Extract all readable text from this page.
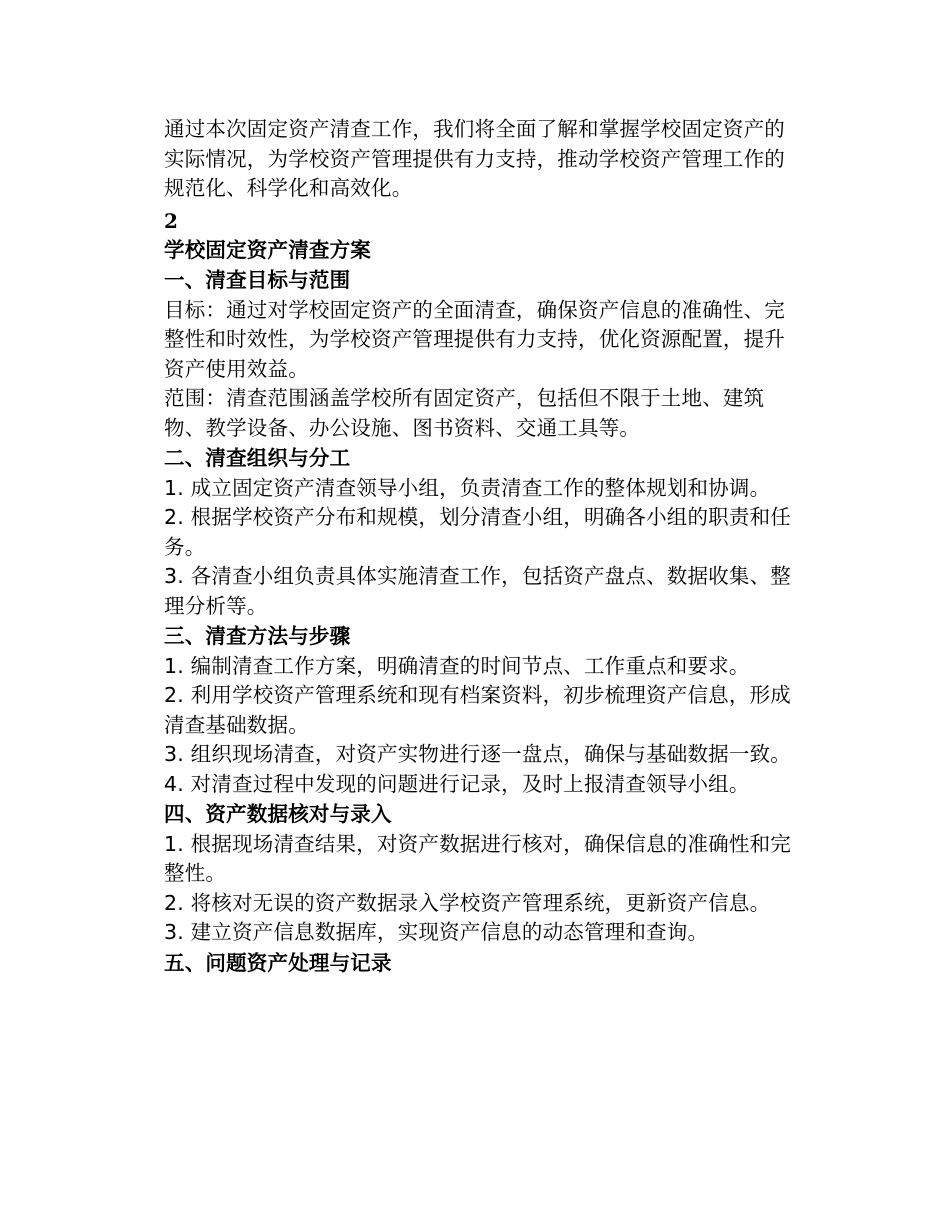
通过本次固定资产清查工作，我们将全面了解和掌握学校固定资产的实际情况，为学校资产管理提供有力支持，推动学校资产管理工作的规范化、科学化和高效化。

2
学校固定资产清查方案
一、清查目标与范围

目标：通过对学校固定资产的全面清查，确保资产信息的准确性、完整性和时效性，为学校资产管理提供有力支持，优化资源配置，提升资产使用效益。

范围：清查范围涵盖学校所有固定资产，包括但不限于土地、建筑物、教学设备、办公设施、图书资料、交通工具等。

二、清查组织与分工

1. 成立固定资产清查领导小组，负责清查工作的整体规划和协调。

2. 根据学校资产分布和规模，划分清查小组，明确各小组的职责和任务。

3. 各清查小组负责具体实施清查工作，包括资产盘点、数据收集、整理分析等。

三、清查方法与步骤

1. 编制清查工作方案，明确清查的时间节点、工作重点和要求。

2. 利用学校资产管理系统和现有档案资料，初步梳理资产信息，形成清查基础数据。

3. 组织现场清查，对资产实物进行逐一盘点，确保与基础数据一致。

4. 对清查过程中发现的问题进行记录，及时上报清查领导小组。

四、资产数据核对与录入

1. 根据现场清查结果，对资产数据进行核对，确保信息的准确性和完整性。

2. 将核对无误的资产数据录入学校资产管理系统，更新资产信息。

3. 建立资产信息数据库，实现资产信息的动态管理和查询。

五、问题资产处理与记录
